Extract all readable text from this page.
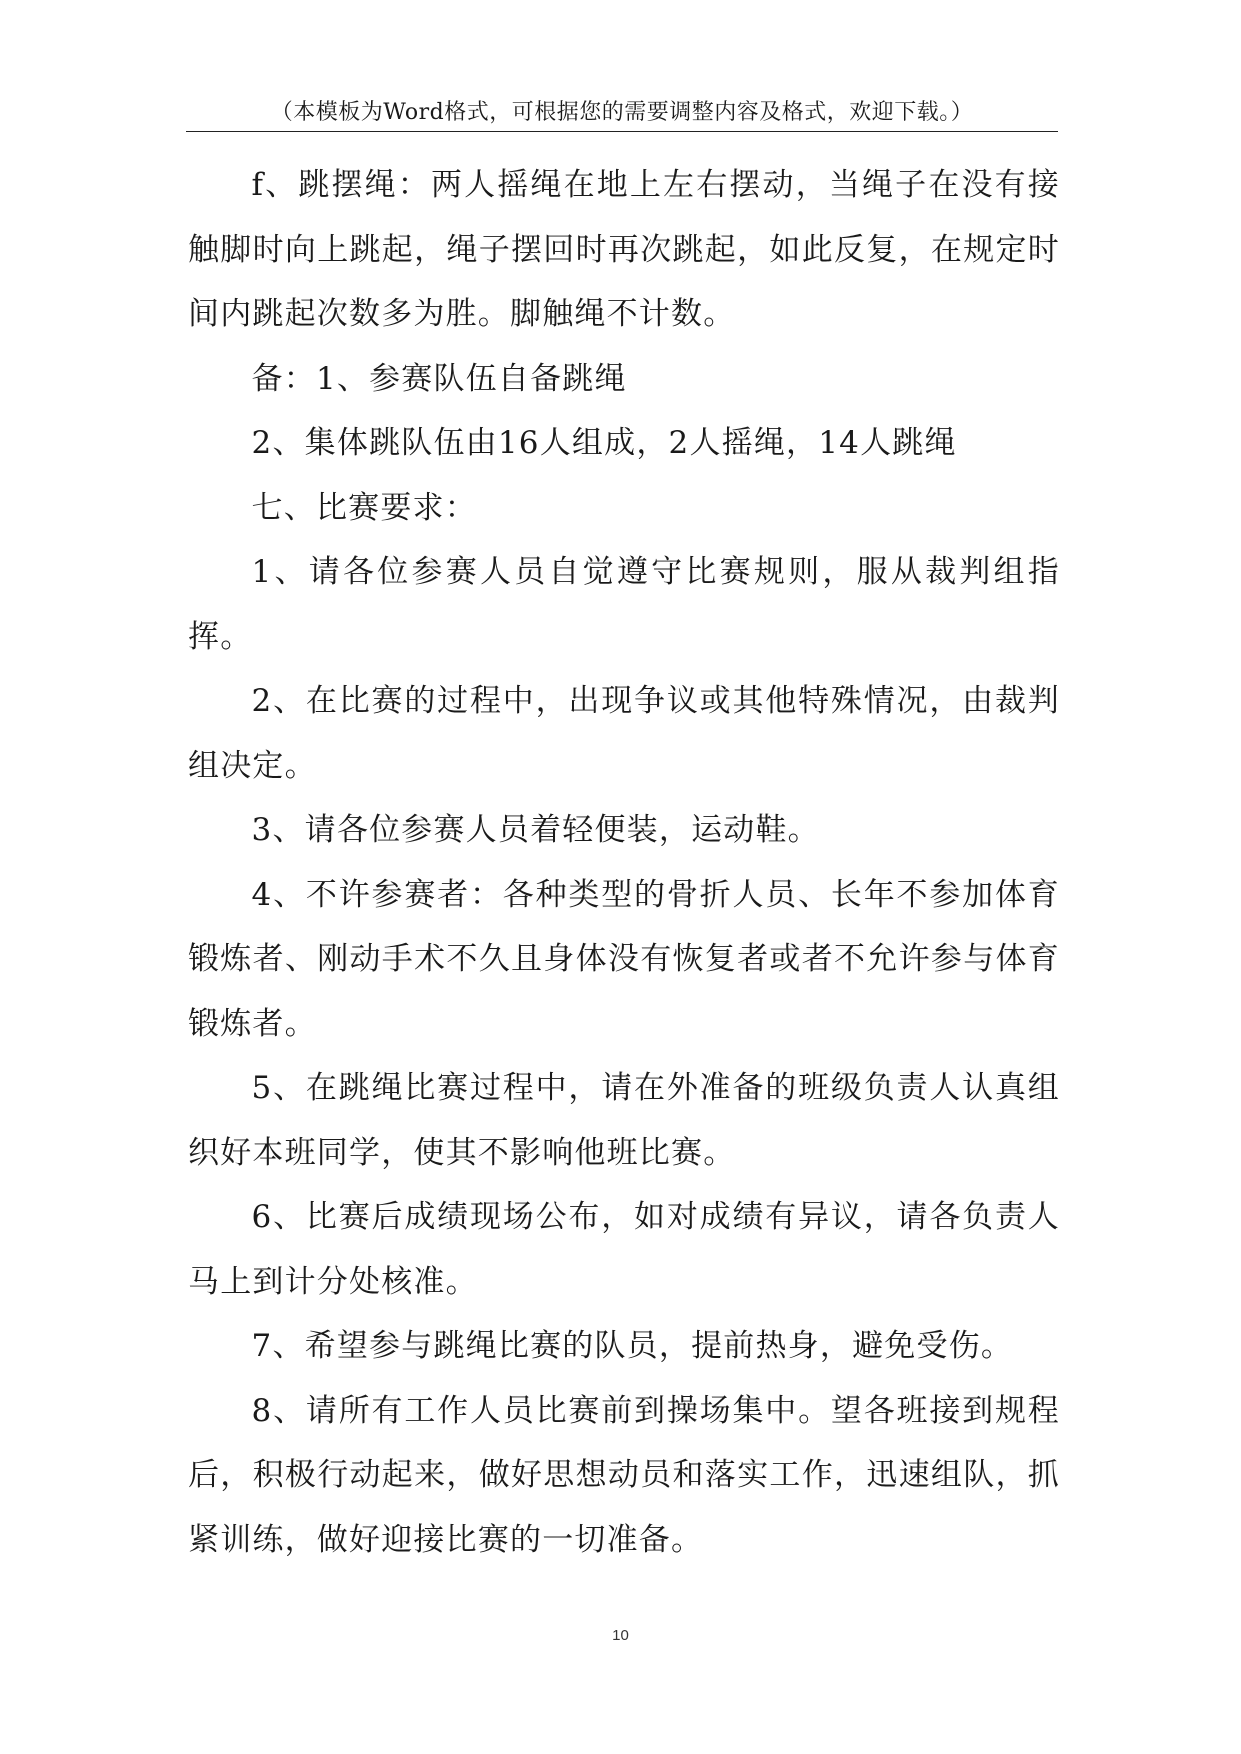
（本模板为Word格式，可根据您的需要调整内容及格式，欢迎下载。）

f、跳摆绳：两人摇绳在地上左右摆动，当绳子在没有接触脚时向上跳起，绳子摆回时再次跳起，如此反复，在规定时间内跳起次数多为胜。脚触绳不计数。

备：1、参赛队伍自备跳绳

2、集体跳队伍由16人组成，2人摇绳，14人跳绳

七、比赛要求：

1、请各位参赛人员自觉遵守比赛规则，服从裁判组指挥。

2、在比赛的过程中，出现争议或其他特殊情况，由裁判组决定。

3、请各位参赛人员着轻便装，运动鞋。

4、不许参赛者：各种类型的骨折人员、长年不参加体育锻炼者、刚动手术不久且身体没有恢复者或者不允许参与体育锻炼者。

5、在跳绳比赛过程中，请在外准备的班级负责人认真组织好本班同学，使其不影响他班比赛。

6、比赛后成绩现场公布，如对成绩有异议，请各负责人马上到计分处核准。

7、希望参与跳绳比赛的队员，提前热身，避免受伤。

8、请所有工作人员比赛前到操场集中。望各班接到规程后，积极行动起来，做好思想动员和落实工作，迅速组队，抓紧训练，做好迎接比赛的一切准备。

10
